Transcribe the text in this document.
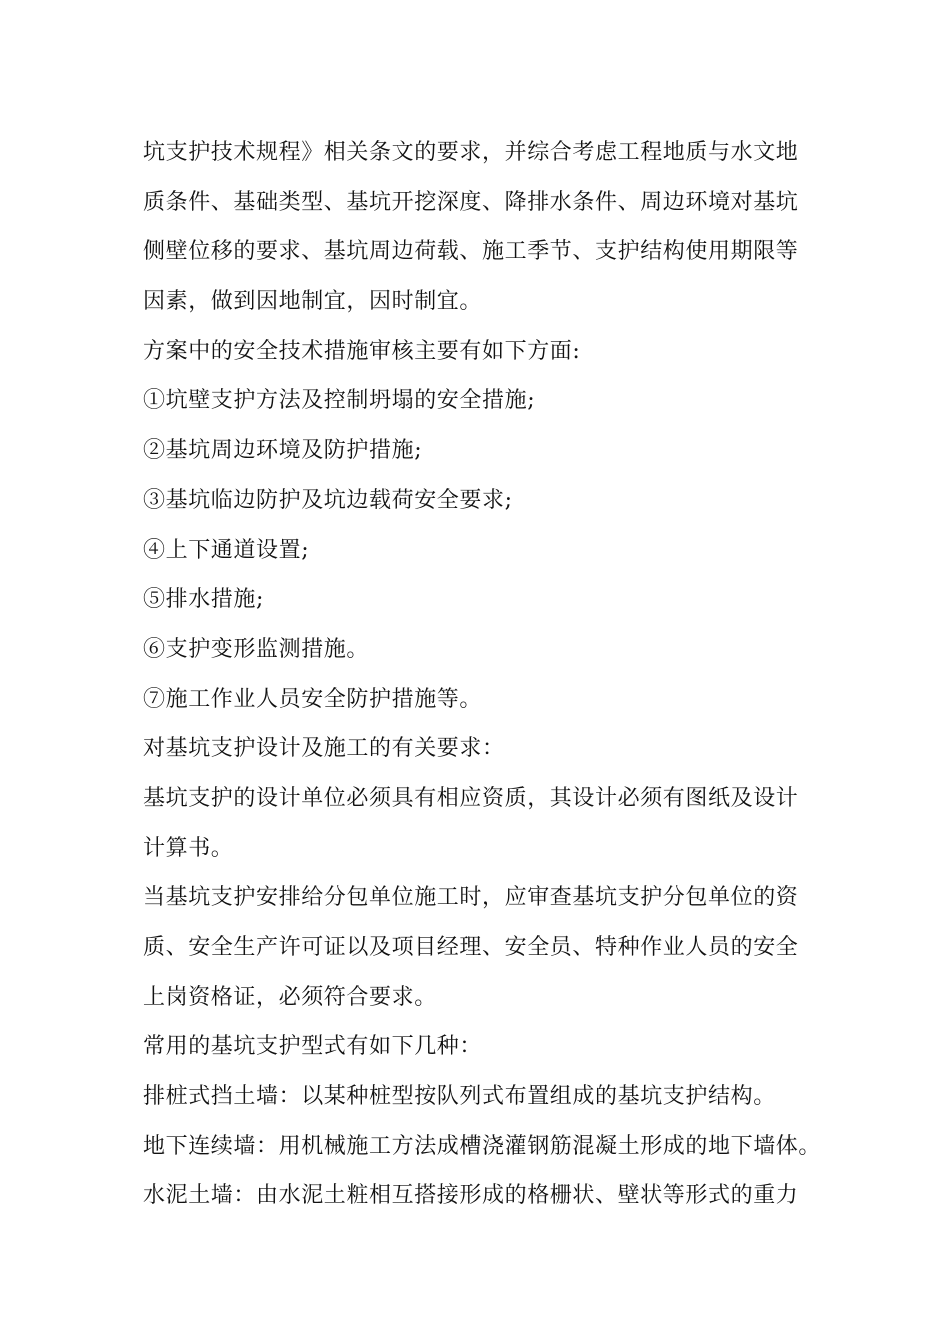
坑支护技术规程》相关条文的要求，并综合考虑工程地质与水文地
质条件、基础类型、基坑开挖深度、降排水条件、周边环境对基坑
侧壁位移的要求、基坑周边荷载、施工季节、支护结构使用期限等
因素，做到因地制宜，因时制宜。
方案中的安全技术措施审核主要有如下方面:
①坑壁支护方法及控制坍塌的安全措施;
②基坑周边环境及防护措施;
③基坑临边防护及坑边载荷安全要求;
④上下通道设置;
⑤排水措施;
⑥支护变形监测措施。
⑦施工作业人员安全防护措施等。
对基坑支护设计及施工的有关要求：
基坑支护的设计单位必须具有相应资质，其设计必须有图纸及设计
计算书。
当基坑支护安排给分包单位施工时，应审查基坑支护分包单位的资
质、安全生产许可证以及项目经理、安全员、特种作业人员的安全
上岗资格证，必须符合要求。
常用的基坑支护型式有如下几种：
排桩式挡土墙：以某种桩型按队列式布置组成的基坑支护结构。
地下连续墙：用机械施工方法成槽浇灌钢筋混凝土形成的地下墙体。
水泥土墙：由水泥土粧相互搭接形成的格栅状、壁状等形式的重力
